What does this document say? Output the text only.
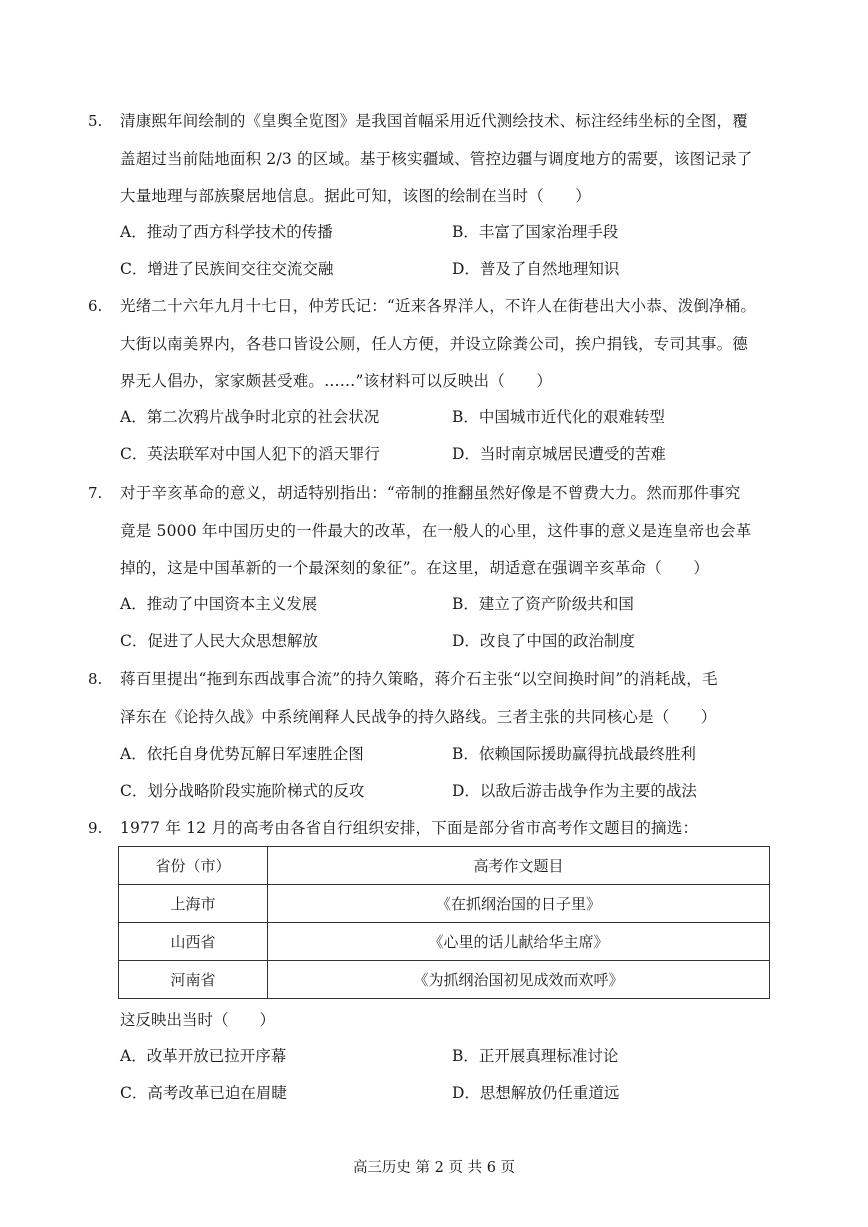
5. 清康熙年间绘制的《皇舆全览图》是我国首幅采用近代测绘技术、标注经纬坐标的全图，覆
盖超过当前陆地面积 2/3 的区域。基于核实疆域、管控边疆与调度地方的需要，该图记录了
大量地理与部族聚居地信息。据此可知，该图的绘制在当时（　　）
A．推动了西方科学技术的传播	B．丰富了国家治理手段
C．增进了民族间交往交流交融	D．普及了自然地理知识
6. 光绪二十六年九月十七日，仲芳氏记：“近来各界洋人，不许人在街巷出大小恭、泼倒净桶。
大街以南美界内，各巷口皆设公厕，任人方便，并设立除粪公司，挨户捐钱，专司其事。德
界无人倡办，家家颇甚受难。……”该材料可以反映出（　　）
A．第二次鸦片战争时北京的社会状况	B．中国城市近代化的艰难转型
C．英法联军对中国人犯下的滔天罪行	D．当时南京城居民遭受的苦难
7. 对于辛亥革命的意义，胡适特别指出：“帝制的推翻虽然好像是不曾费大力。然而那件事究
竟是 5000 年中国历史的一件最大的改革，在一般人的心里，这件事的意义是连皇帝也会革
掉的，这是中国革新的一个最深刻的象征”。在这里，胡适意在强调辛亥革命（　　）
A．推动了中国资本主义发展	B．建立了资产阶级共和国
C．促进了人民大众思想解放	D．改良了中国的政治制度
8. 蒋百里提出“拖到东西战事合流”的持久策略，蒋介石主张“以空间换时间”的消耗战，毛
泽东在《论持久战》中系统阐释人民战争的持久路线。三者主张的共同核心是（　　）
A．依托自身优势瓦解日军速胜企图	B．依赖国际援助赢得抗战最终胜利
C．划分战略阶段实施阶梯式的反攻	D．以敌后游击战争作为主要的战法
9. 1977 年 12 月的高考由各省自行组织安排，下面是部分省市高考作文题目的摘选：
省份（市）	高考作文题目
上海市	《在抓纲治国的日子里》
山西省	《心里的话儿献给华主席》
河南省	《为抓纲治国初见成效而欢呼》
这反映出当时（　　）
A．改革开放已拉开序幕	B．正开展真理标准讨论
C．高考改革已迫在眉睫	D．思想解放仍任重道远
高三历史 第 2 页 共 6 页
